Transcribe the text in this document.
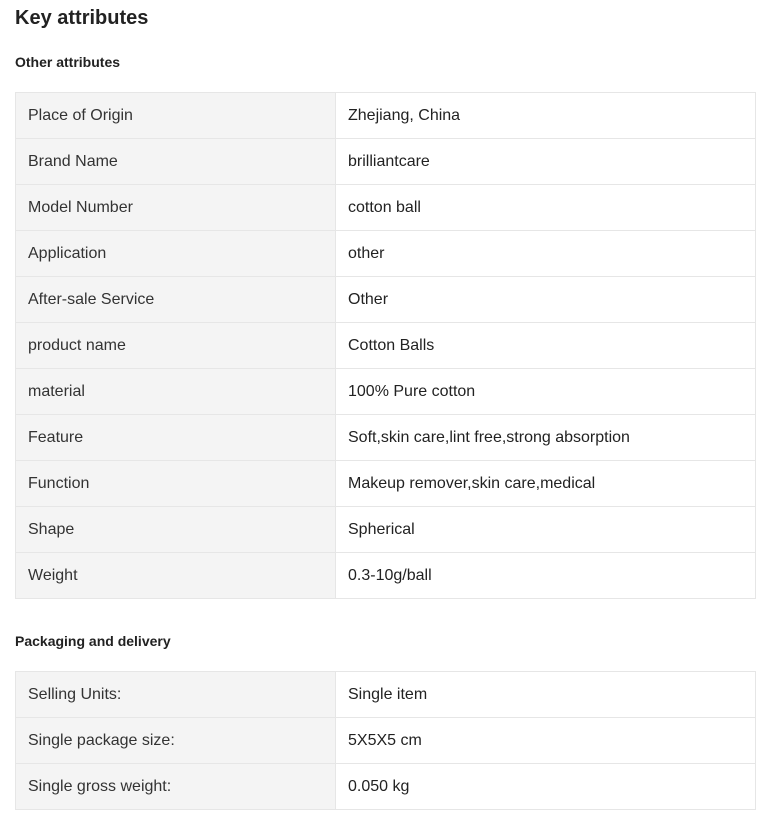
Key attributes
Other attributes
Place of Origin	Zhejiang, China
Brand Name	brilliantcare
Model Number	cotton ball
Application	other
After-sale Service	Other
product name	Cotton Balls
material	100% Pure cotton
Feature	Soft,skin care,lint free,strong absorption
Function	Makeup remover,skin care,medical
Shape	Spherical
Weight	0.3-10g/ball
Packaging and delivery
Selling Units:	Single item
Single package size:	5X5X5 cm
Single gross weight:	0.050 kg
